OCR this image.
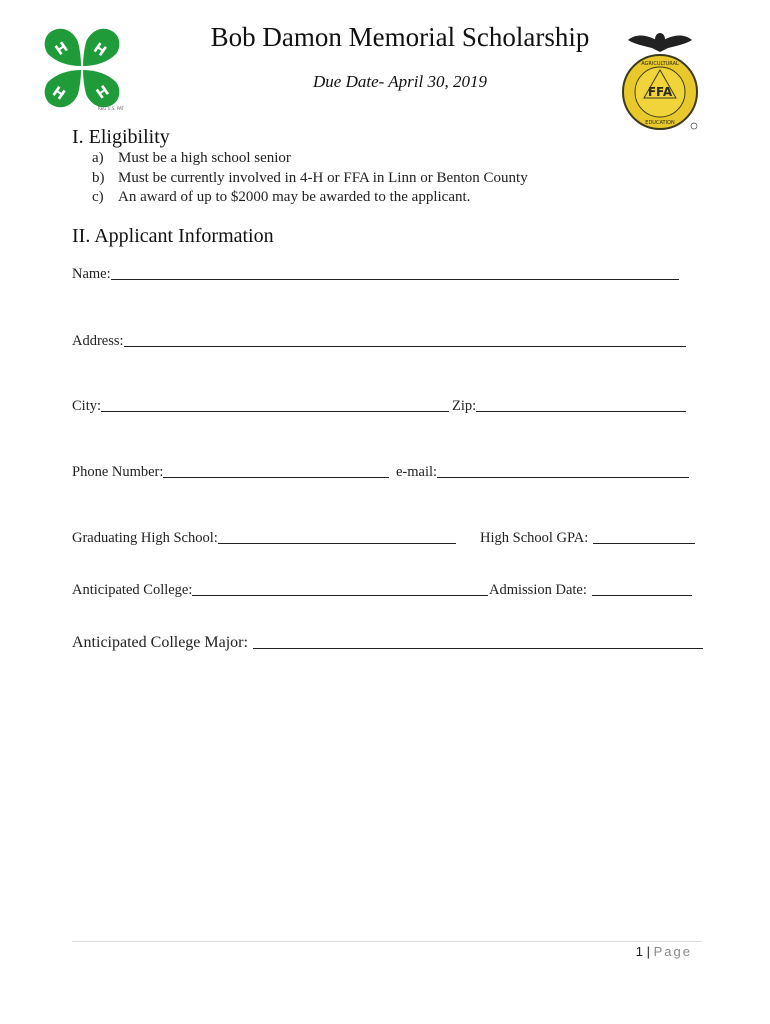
H H
H H
REG U.S. PAT
FFA
AGRICULTURAL
EDUCATION
Bob Damon Memorial Scholarship
Due Date- April 30, 2019
I. Eligibility
a) Must be a high school senior
b) Must be currently involved in 4-H or FFA in Linn or Benton County
c) An award of up to $2000 may be awarded to the applicant.
II. Applicant Information
Name:
Address:
City:	Zip:
Phone Number:	e-mail:
Graduating High School:	High School GPA:
Anticipated College:	Admission Date:
Anticipated College Major:
1 | Page
